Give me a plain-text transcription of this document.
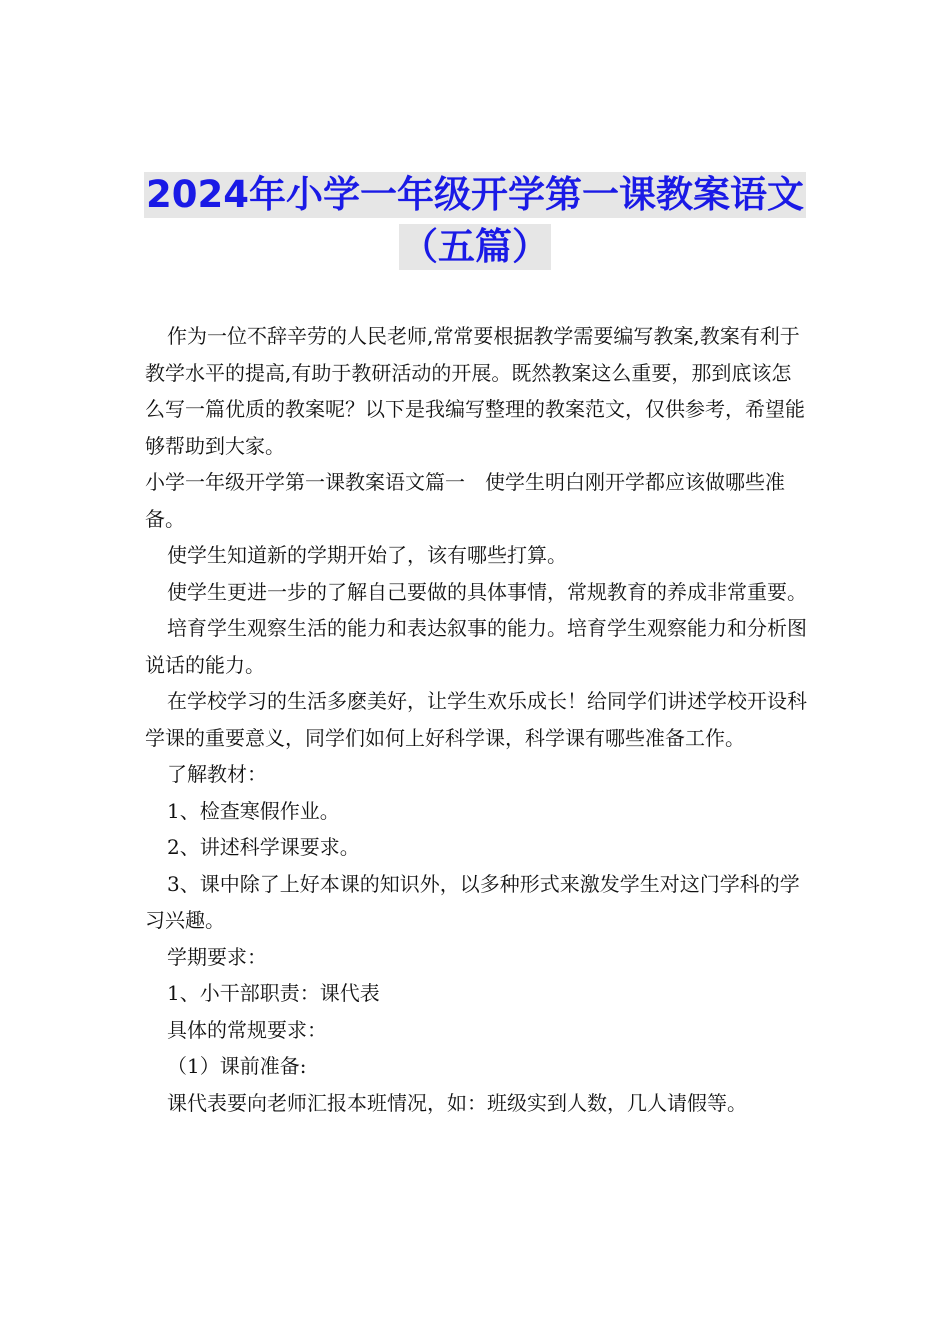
2024年小学一年级开学第一课教案语文
（五篇）

作为一位不辞辛劳的人民老师,常常要根据教学需要编写教案,教案有利于教学水平的提高,有助于教研活动的开展。既然教案这么重要，那到底该怎么写一篇优质的教案呢？以下是我编写整理的教案范文，仅供参考，希望能够帮助到大家。

小学一年级开学第一课教案语文篇一　使学生明白刚开学都应该做哪些准备。

使学生知道新的学期开始了，该有哪些打算。

使学生更进一步的了解自己要做的具体事情，常规教育的养成非常重要。

培育学生观察生活的能力和表达叙事的能力。培育学生观察能力和分析图说话的能力。

在学校学习的生活多麽美好，让学生欢乐成长！给同学们讲述学校开设科学课的重要意义，同学们如何上好科学课，科学课有哪些准备工作。

了解教材：

1、检查寒假作业。

2、讲述科学课要求。

3、课中除了上好本课的知识外，以多种形式来激发学生对这门学科的学习兴趣。

学期要求：

1、小干部职责：课代表

具体的常规要求：

（1）课前准备:

课代表要向老师汇报本班情况，如：班级实到人数，几人请假等。
